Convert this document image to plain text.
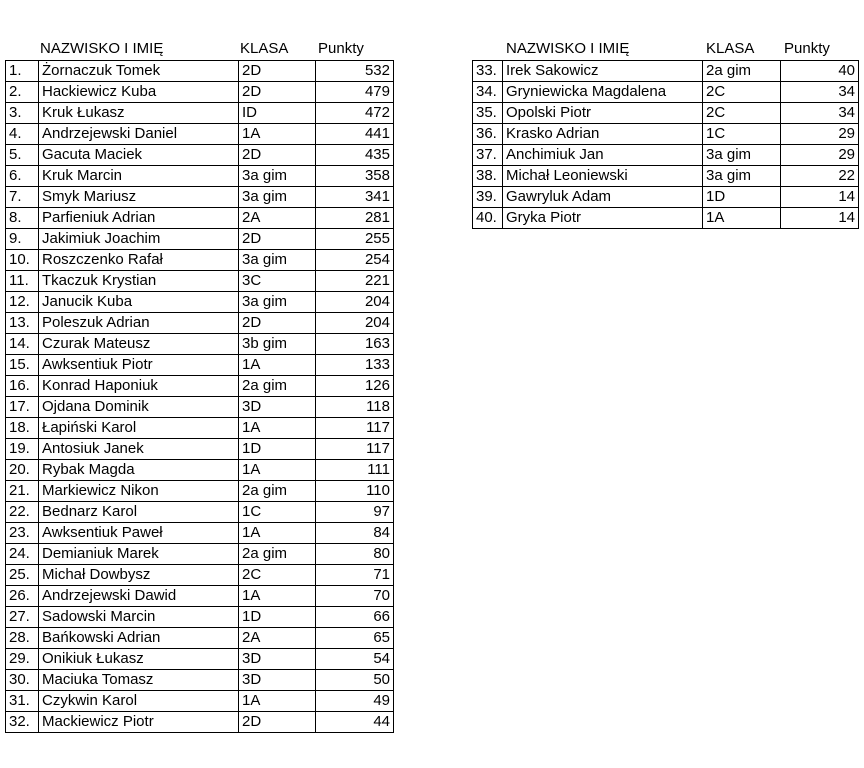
NAZWISKO I IMIĘ	KLASA Punkty	NAZWISKO I IMIĘ	KLASA Punkty
1.	Żornaczuk Tomek	2D	532
2.	Hackiewicz Kuba	2D	479
3.	Kruk Łukasz	ID	472
4.	Andrzejewski Daniel	1A	441
5.	Gacuta Maciek	2D	435
6.	Kruk Marcin	3a gim	358
7.	Smyk Mariusz	3a gim	341
8.	Parfieniuk Adrian	2A	281
9.	Jakimiuk Joachim	2D	255
10.	Roszczenko Rafał	3a gim	254
11.	Tkaczuk Krystian	3C	221
12.	Janucik Kuba	3a gim	204
13.	Poleszuk Adrian	2D	204
14.	Czurak Mateusz	3b gim	163
15.	Awksentiuk Piotr	1A	133
16.	Konrad Haponiuk	2a gim	126
17.	Ojdana Dominik	3D	118
18.	Łapiński Karol	1A	117
19.	Antosiuk Janek	1D	117
20.	Rybak Magda	1A	111
21.	Markiewicz Nikon	2a gim	110
22.	Bednarz Karol	1C	97
23.	Awksentiuk Paweł	1A	84
24.	Demianiuk Marek	2a gim	80
25.	Michał Dowbysz	2C	71
26.	Andrzejewski Dawid	1A	70
27.	Sadowski Marcin	1D	66
28.	Bańkowski Adrian	2A	65
29.	Onikiuk Łukasz	3D	54
30.	Maciuka Tomasz	3D	50
31.	Czykwin Karol	1A	49
32.	Mackiewicz Piotr	2D	44
33.	Irek Sakowicz	2a gim	40
34.	Gryniewicka Magdalena	2C	34
35.	Opolski Piotr	2C	34
36.	Krasko Adrian	1C	29
37.	Anchimiuk Jan	3a gim	29
38.	Michał Leoniewski	3a gim	22
39.	Gawryluk Adam	1D	14
40.	Gryka Piotr	1A	14
